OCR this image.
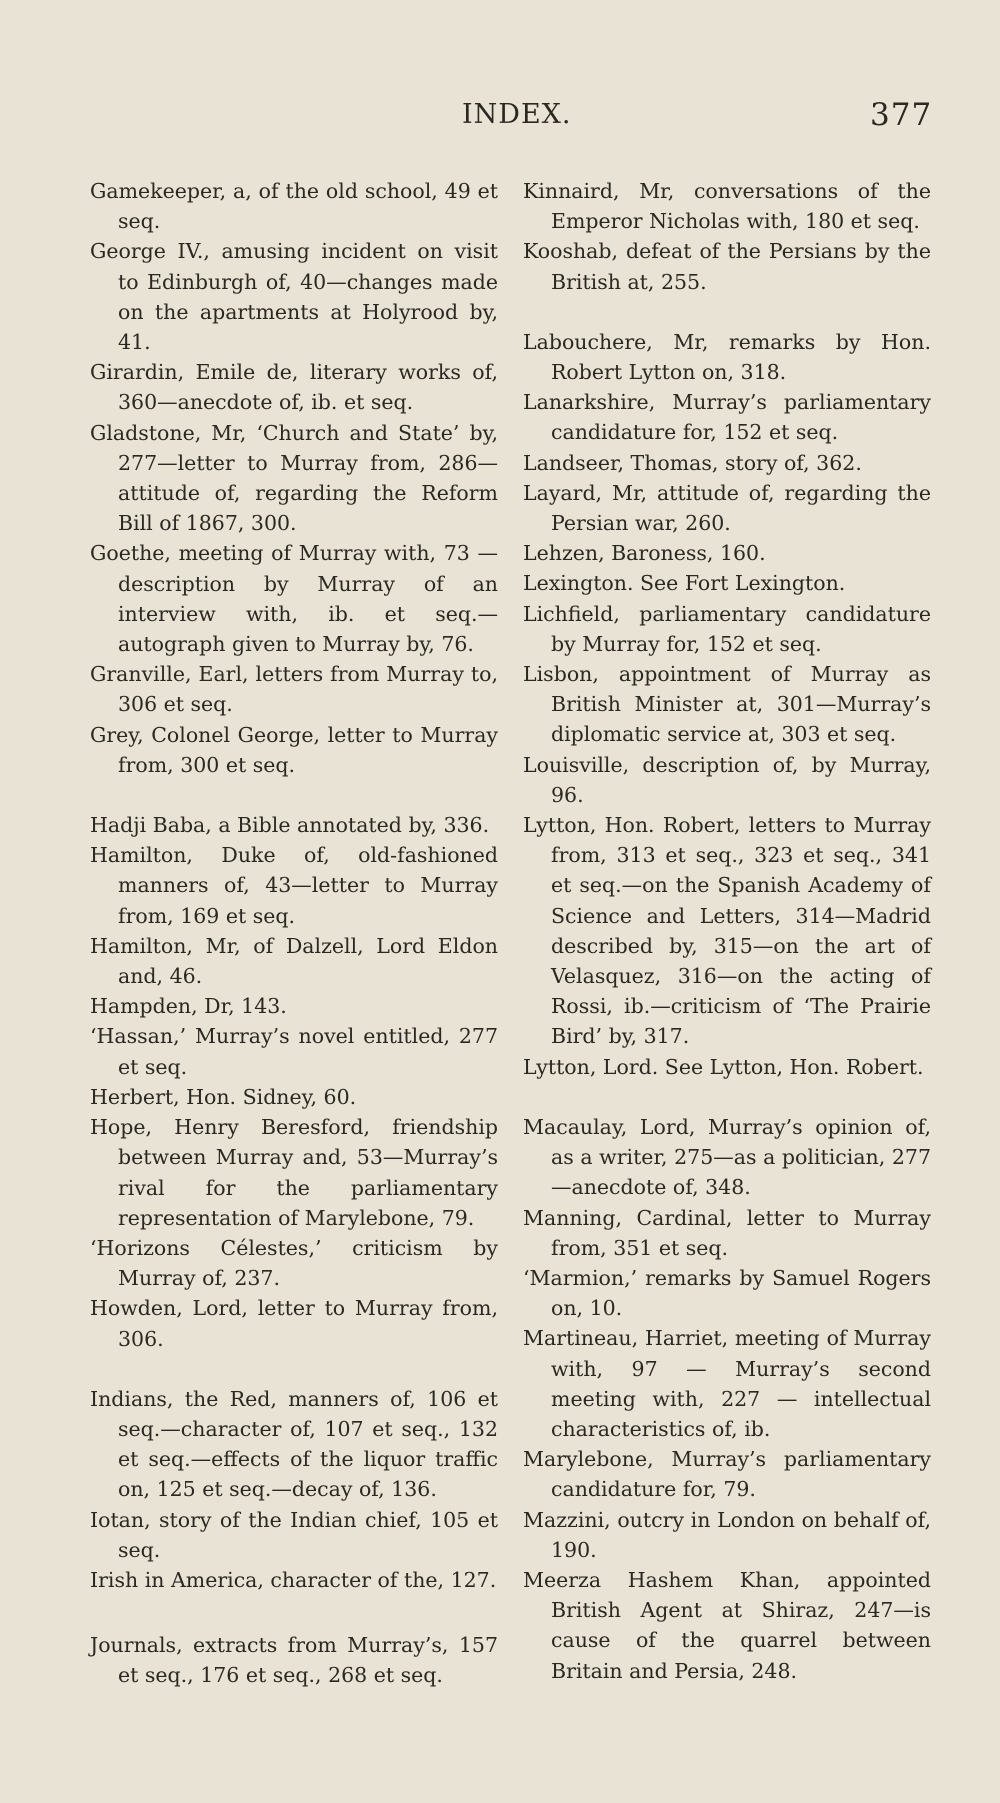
INDEX.	377

Gamekeeper, a, of the old school, 49 et seq.

George IV., amusing incident on visit to Edinburgh of, 40—changes made on the apartments at Holyrood by, 41.

Girardin, Emile de, literary works of, 360—anecdote of, ib. et seq.

Gladstone, Mr, ‘Church and State’ by, 277—letter to Murray from, 286—attitude of, regarding the Reform Bill of 1867, 300.

Goethe, meeting of Murray with, 73 — description by Murray of an interview with, ib. et seq.—autograph given to Murray by, 76.

Granville, Earl, letters from Murray to, 306 et seq.

Grey, Colonel George, letter to Murray from, 300 et seq.

Hadji Baba, a Bible annotated by, 336.

Hamilton, Duke of, old-fashioned manners of, 43—letter to Murray from, 169 et seq.

Hamilton, Mr, of Dalzell, Lord Eldon and, 46.

Hampden, Dr, 143.

‘Hassan,’ Murray’s novel entitled, 277 et seq.

Herbert, Hon. Sidney, 60.

Hope, Henry Beresford, friendship between Murray and, 53—Murray’s rival for the parliamentary representation of Marylebone, 79.

‘Horizons Célestes,’ criticism by Murray of, 237.

Howden, Lord, letter to Murray from, 306.

Indians, the Red, manners of, 106 et seq.—character of, 107 et seq., 132 et seq.—effects of the liquor traffic on, 125 et seq.—decay of, 136.

Iotan, story of the Indian chief, 105 et seq.

Irish in America, character of the, 127.

Journals, extracts from Murray’s, 157 et seq., 176 et seq., 268 et seq.

Kinnaird, Mr, conversations of the Emperor Nicholas with, 180 et seq.

Kooshab, defeat of the Persians by the British at, 255.

Labouchere, Mr, remarks by Hon. Robert Lytton on, 318.

Lanarkshire, Murray’s parliamentary candidature for, 152 et seq.

Landseer, Thomas, story of, 362.

Layard, Mr, attitude of, regarding the Persian war, 260.

Lehzen, Baroness, 160.

Lexington. See Fort Lexington.

Lichfield, parliamentary candidature by Murray for, 152 et seq.

Lisbon, appointment of Murray as British Minister at, 301—Murray’s diplomatic service at, 303 et seq.

Louisville, description of, by Murray, 96.

Lytton, Hon. Robert, letters to Murray from, 313 et seq., 323 et seq., 341 et seq.—on the Spanish Academy of Science and Letters, 314—Madrid described by, 315—on the art of Velasquez, 316—on the acting of Rossi, ib.—criticism of ‘The Prairie Bird’ by, 317.

Lytton, Lord. See Lytton, Hon. Robert.

Macaulay, Lord, Murray’s opinion of, as a writer, 275—as a politician, 277—anecdote of, 348.

Manning, Cardinal, letter to Murray from, 351 et seq.

‘Marmion,’ remarks by Samuel Rogers on, 10.

Martineau, Harriet, meeting of Murray with, 97 — Murray’s second meeting with, 227 — intellectual characteristics of, ib.

Marylebone, Murray’s parliamentary candidature for, 79.

Mazzini, outcry in London on behalf of, 190.

Meerza Hashem Khan, appointed British Agent at Shiraz, 247—is cause of the quarrel between Britain and Persia, 248.
